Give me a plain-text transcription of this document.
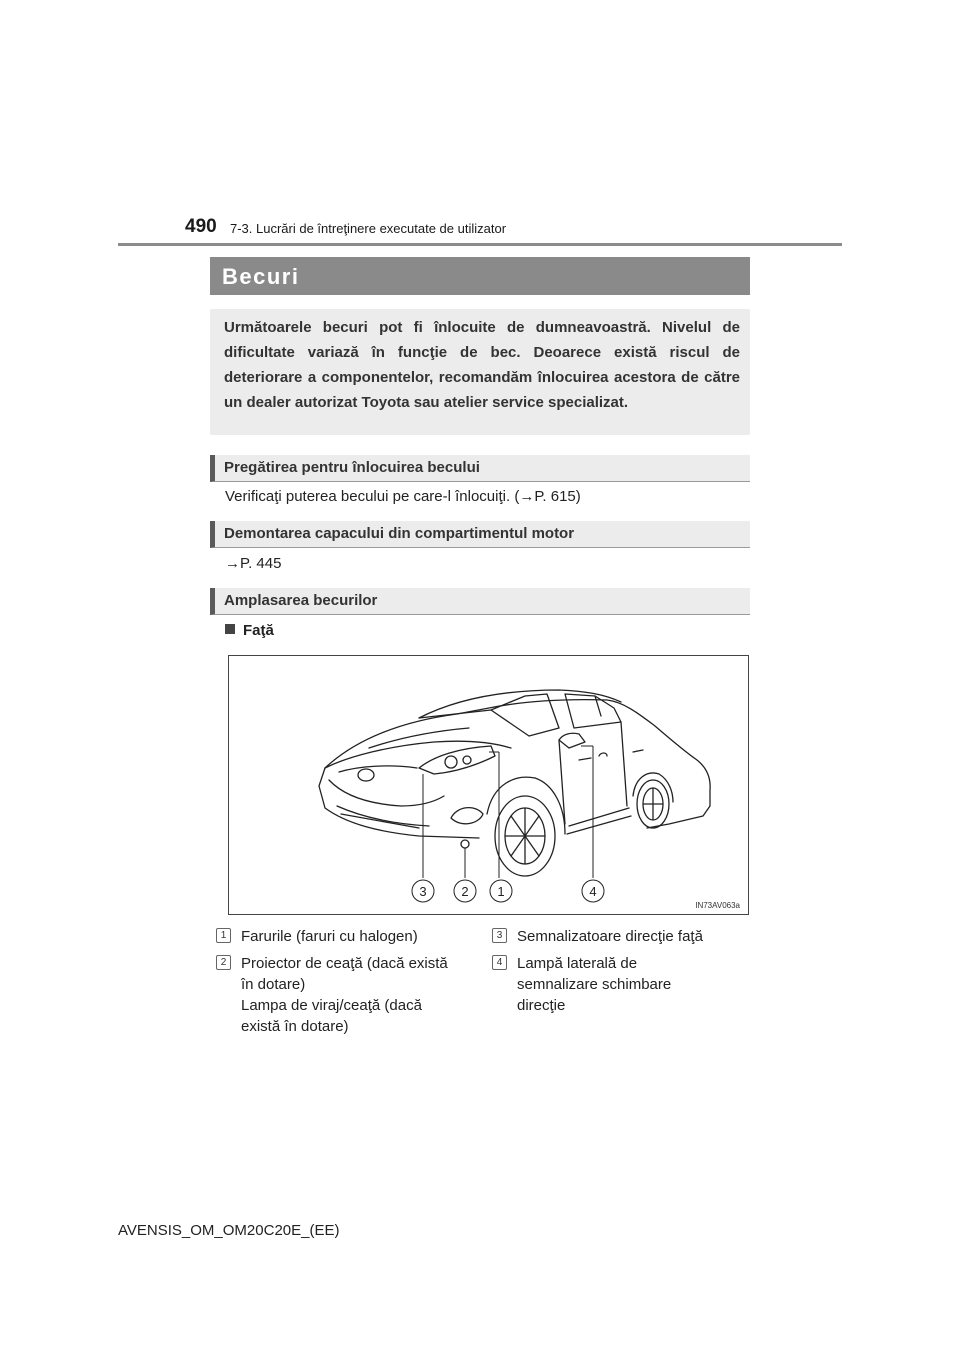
490 7-3. Lucrări de întreţinere executate de utilizator
Becuri
Următoarele becuri pot fi înlocuite de dumneavoastră. Nivelul de dificultate variază în funcţie de bec. Deoarece există riscul de deteriorare a componentelor, recomandăm înlocuirea acestora de către un dealer autorizat Toyota sau atelier service specializat.
Pregătirea pentru înlocuirea becului
Verificaţi puterea becului pe care-l înlocuiţi. (→P. 615)
Demontarea capacului din compartimentul motor
→P. 445
Amplasarea becurilor
Faţă
3	2 1	4
IN73AV063a
1 Farurile (faruri cu halogen)
2 Proiector de ceaţă (dacă există
în dotare)
Lampa de viraj/ceaţă (dacă
există în dotare)
3 Semnalizatoare direcţie faţă
4 Lampă laterală de
semnalizare schimbare
direcţie
AVENSIS_OM_OM20C20E_(EE)
